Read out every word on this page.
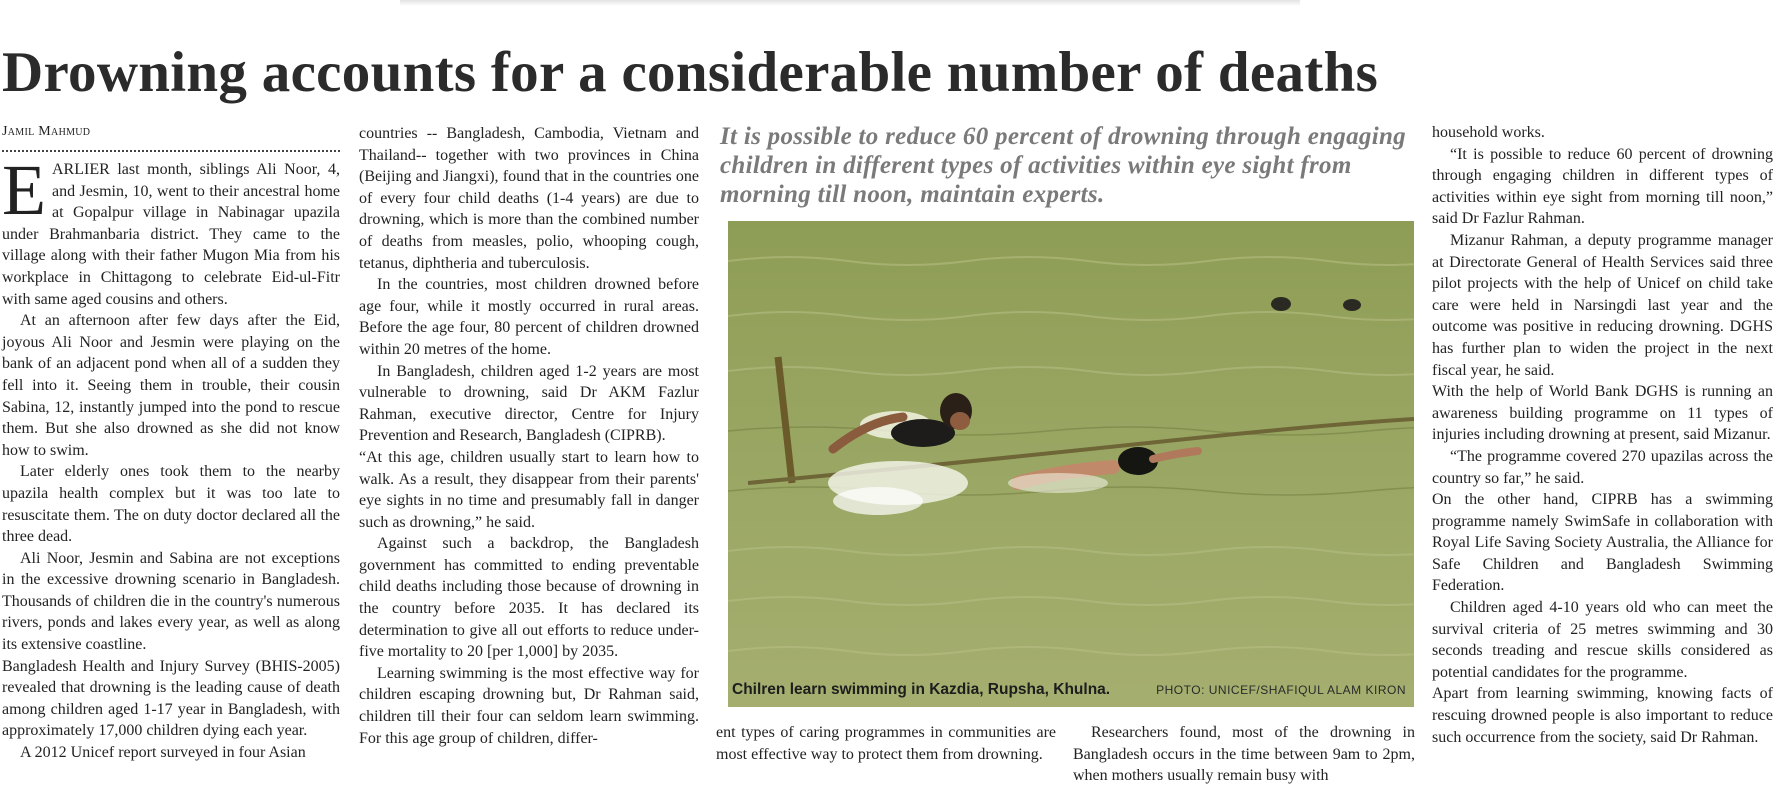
Drowning accounts for a considerable number of deaths
Jamil Mahmud

EARLIER last month, siblings Ali Noor, 4, and Jesmin, 10, went to their ancestral home at Gopalpur village in Nabinagar upazila under Brahmanbaria district. They came to the village along with their father Mugon Mia from his workplace in Chittagong to celebrate Eid-ul-Fitr with same aged cousins and others.

At an afternoon after few days after the Eid, joyous Ali Noor and Jesmin were playing on the bank of an adjacent pond when all of a sudden they fell into it. Seeing them in trouble, their cousin Sabina, 12, instantly jumped into the pond to rescue them. But she also drowned as she did not know how to swim.

Later elderly ones took them to the nearby upazila health complex but it was too late to resuscitate them. The on duty doctor declared all the three dead.

Ali Noor, Jesmin and Sabina are not exceptions in the excessive drowning scenario in Bangladesh. Thousands of children die in the country's numerous rivers, ponds and lakes every year, as well as along its extensive coastline.

Bangladesh Health and Injury Survey (BHIS-2005) revealed that drowning is the leading cause of death among children aged 1-17 year in Bangladesh, with approximately 17,000 children dying each year.

A 2012 Unicef report surveyed in four Asian

countries -- Bangladesh, Cambodia, Vietnam and Thailand-- together with two provinces in China (Beijing and Jiangxi), found that in the countries one of every four child deaths (1-4 years) are due to drowning, which is more than the combined number of deaths from measles, polio, whooping cough, tetanus, diphtheria and tuberculosis.

In the countries, most children drowned before age four, while it mostly occurred in rural areas. Before the age four, 80 percent of children drowned within 20 metres of the home.

In Bangladesh, children aged 1-2 years are most vulnerable to drowning, said Dr AKM Fazlur Rahman, executive director, Centre for Injury Prevention and Research, Bangladesh (CIPRB).

“At this age, children usually start to learn how to walk. As a result, they disappear from their parents' eye sights in no time and presumably fall in danger such as drowning,” he said.

Against such a backdrop, the Bangladesh government has committed to ending preventable child deaths including those because of drowning in the country before 2035. It has declared its determination to give all out efforts to reduce under-five mortality to 20 [per 1,000] by 2035.

Learning swimming is the most effective way for children escaping drowning but, Dr Rahman said, children till their four can seldom learn swimming. For this age group of children, differ-

It is possible to reduce 60 percent of drowning through engaging children in different types of activities within eye sight from morning till noon, maintain experts.

Chilren learn swimming in Kazdia, Rupsha, Khulna.	PHOTO: UNICEF/SHAFIQUL ALAM KIRON

ent types of caring programmes in communities are most effective way to protect them from drowning.

Researchers found, most of the drowning in Bangladesh occurs in the time between 9am to 2pm, when mothers usually remain busy with

household works.

“It is possible to reduce 60 percent of drowning through engaging children in different types of activities within eye sight from morning till noon,” said Dr Fazlur Rahman.

Mizanur Rahman, a deputy programme manager at Directorate General of Health Services said three pilot projects with the help of Unicef on child take care were held in Narsingdi last year and the outcome was positive in reducing drowning. DGHS has further plan to widen the project in the next fiscal year, he said.

With the help of World Bank DGHS is running an awareness building programme on 11 types of injuries including drowning at present, said Mizanur.

“The programme covered 270 upazilas across the country so far,” he said.

On the other hand, CIPRB has a swimming programme namely SwimSafe in collaboration with Royal Life Saving Society Australia, the Alliance for Safe Children and Bangladesh Swimming Federation.

Children aged 4-10 years old who can meet the survival criteria of 25 metres swimming and 30 seconds treading and rescue skills considered as potential candidates for the programme.

Apart from learning swimming, knowing facts of rescuing drowned people is also important to reduce such occurrence from the society, said Dr Rahman.
